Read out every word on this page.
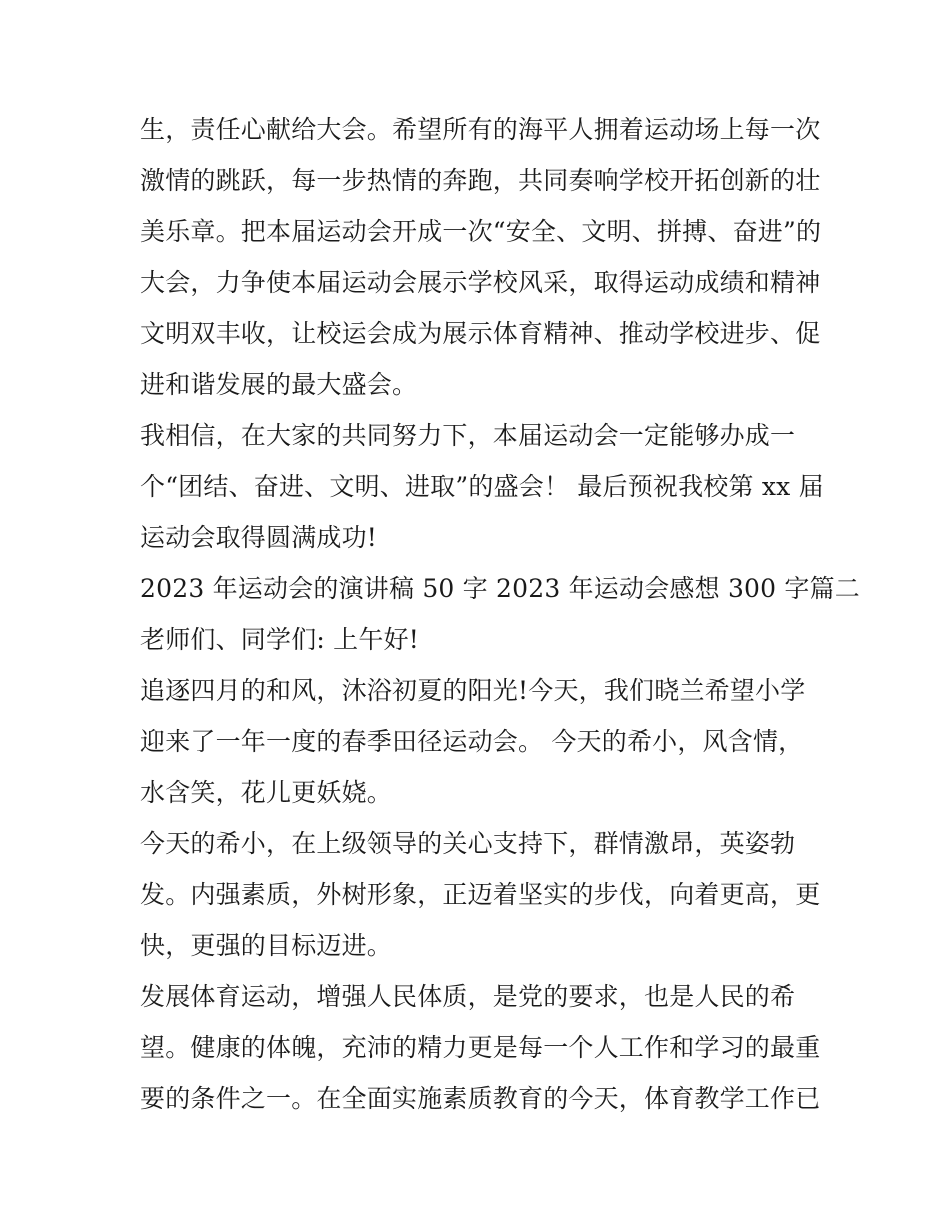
生，责任心献给大会。希望所有的海平人拥着运动场上每一次
激情的跳跃，每一步热情的奔跑，共同奏响学校开拓创新的壮
美乐章。把本届运动会开成一次“安全、文明、拼搏、奋进”的
大会，力争使本届运动会展示学校风采，取得运动成绩和精神
文明双丰收，让校运会成为展示体育精神、推动学校进步、促
进和谐发展的最大盛会。
我相信，在大家的共同努力下，本届运动会一定能够办成一
个“团结、奋进、文明、进取”的盛会！ 最后预祝我校第 xx 届
运动会取得圆满成功!
2023 年运动会的演讲稿 50 字 2023 年运动会感想 300 字篇二
老师们、同学们: 上午好!
追逐四月的和风，沐浴初夏的阳光!今天，我们晓兰希望小学
迎来了一年一度的春季田径运动会。 今天的希小，风含情，
水含笑，花儿更妖娆。
今天的希小，在上级领导的关心支持下，群情激昂，英姿勃
发。内强素质，外树形象，正迈着坚实的步伐，向着更高，更
快，更强的目标迈进。
发展体育运动，增强人民体质，是党的要求，也是人民的希
望。健康的体魄，充沛的精力更是每一个人工作和学习的最重
要的条件之一。在全面实施素质教育的今天，体育教学工作已
